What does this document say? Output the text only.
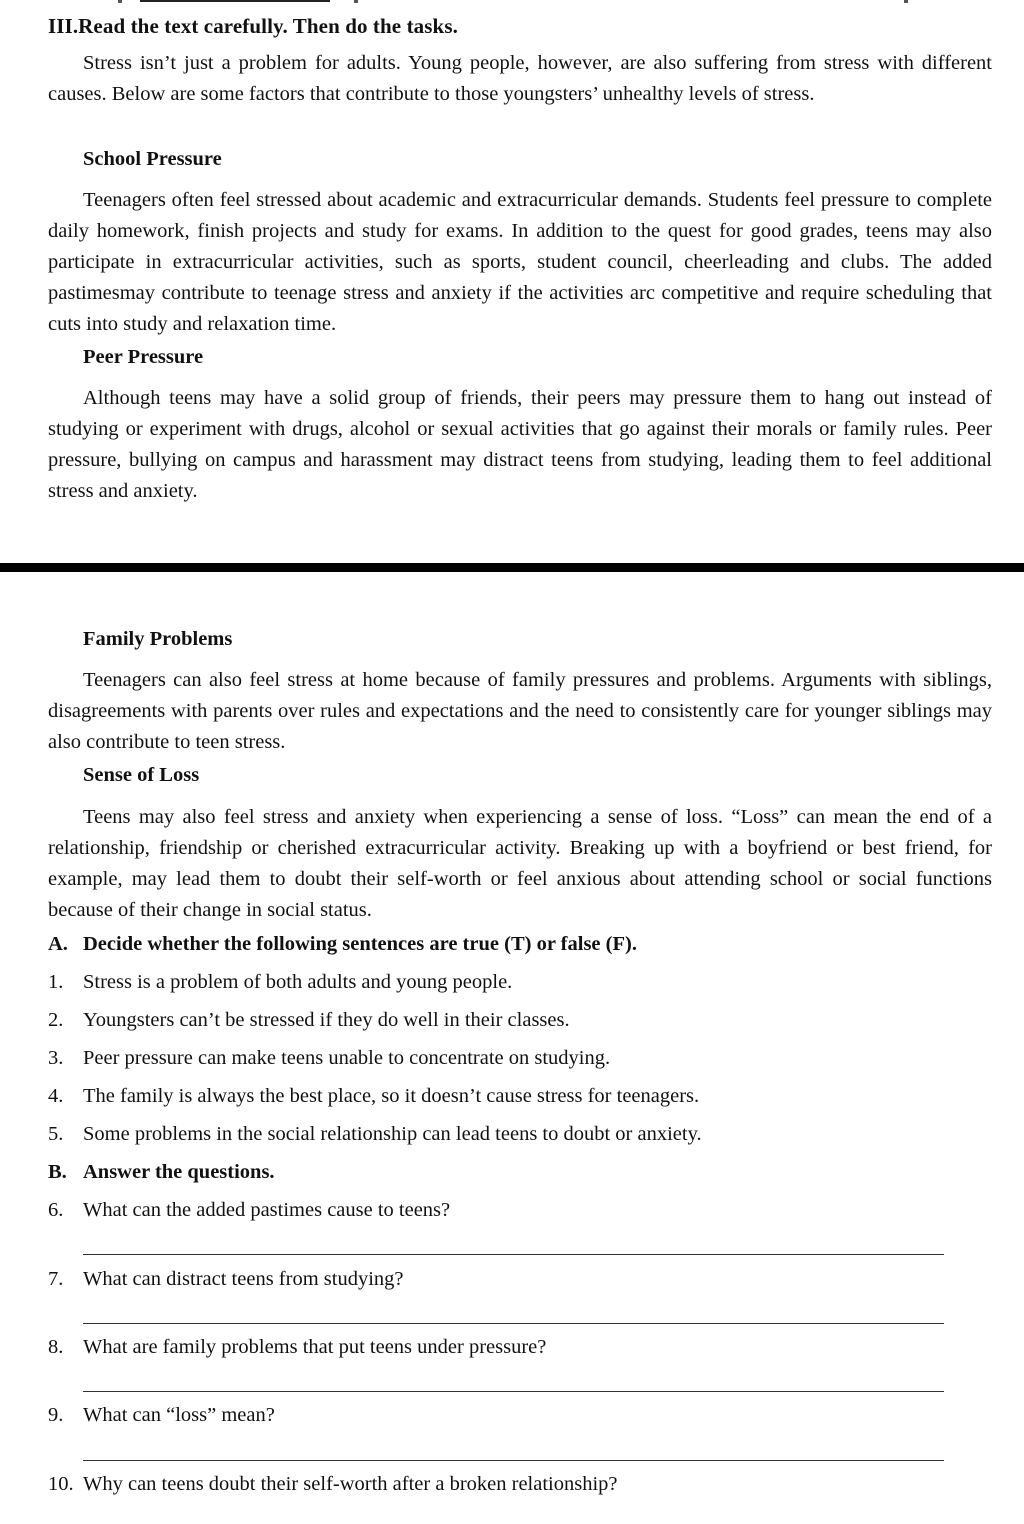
III.Read the text carefully. Then do the tasks.

Stress isn’t just a problem for adults. Young people, however, are also suffering from stress with different causes. Below are some factors that contribute to those youngsters’ unhealthy levels of stress.

School Pressure

Teenagers often feel stressed about academic and extracurricular demands. Students feel pressure to complete daily homework, finish projects and study for exams. In addition to the quest for good grades, teens may also participate in extracurricular activities, such as sports, student council, cheerleading and clubs. The added pastimesmay contribute to teenage stress and anxiety if the activities arc competitive and require scheduling that cuts into study and relaxation time.

Peer Pressure

Although teens may have a solid group of friends, their peers may pressure them to hang out instead of studying or experiment with drugs, alcohol or sexual activities that go against their morals or family rules. Peer pressure, bullying on campus and harassment may distract teens from studying, leading them to feel additional stress and anxiety.

Family Problems

Teenagers can also feel stress at home because of family pressures and problems. Arguments with siblings, disagreements with parents over rules and expectations and the need to consistently care for younger siblings may also contribute to teen stress.

Sense of Loss

Teens may also feel stress and anxiety when experiencing a sense of loss. “Loss” can mean the end of a relationship, friendship or cherished extracurricular activity. Breaking up with a boyfriend or best friend, for example, may lead them to doubt their self-worth or feel anxious about attending school or social functions because of their change in social status.

A. Decide whether the following sentences are true (T) or false (F).
1. Stress is a problem of both adults and young people.
2. Youngsters can’t be stressed if they do well in their classes.
3. Peer pressure can make teens unable to concentrate on studying.
4. The family is always the best place, so it doesn’t cause stress for teenagers.
5. Some problems in the social relationship can lead teens to doubt or anxiety.
B. Answer the questions.
6. What can the added pastimes cause to teens?
7. What can distract teens from studying?
8. What are family problems that put teens under pressure?
9. What can “loss” mean?
10. Why can teens doubt their self-worth after a broken relationship?
